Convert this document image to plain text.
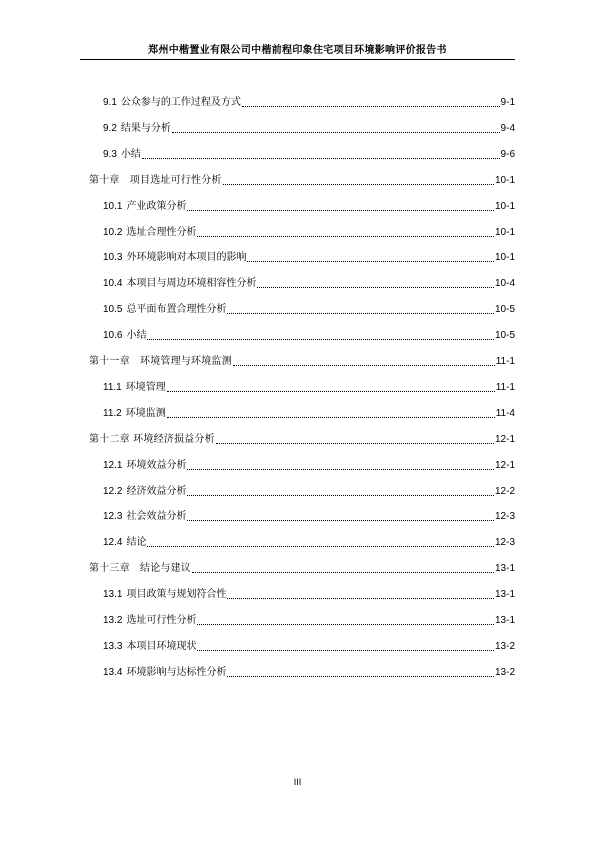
郑州中楷置业有限公司中楷前程印象住宅项目环境影响评价报告书
9.1 公众参与的工作过程及方式	9-1
9.2 结果与分析	9-4
9.3 小结	9-6
第十章　项目选址可行性分析	10-1
10.1 产业政策分析	10-1
10.2 选址合理性分析	10-1
10.3 外环境影响对本项目的影响	10-1
10.4 本项目与周边环境相容性分析	10-4
10.5 总平面布置合理性分析	10-5
10.6 小结	10-5
第十一章　环境管理与环境监测	11-1
11.1 环境管理	11-1
11.2 环境监测	11-4
第十二章 环境经济损益分析	12-1
12.1 环境效益分析	12-1
12.2 经济效益分析	12-2
12.3 社会效益分析	12-3
12.4 结论	12-3
第十三章　结论与建议	13-1
13.1 项目政策与规划符合性	13-1
13.2 选址可行性分析	13-1
13.3 本项目环境现状	13-2
13.4 环境影响与达标性分析	13-2
III
